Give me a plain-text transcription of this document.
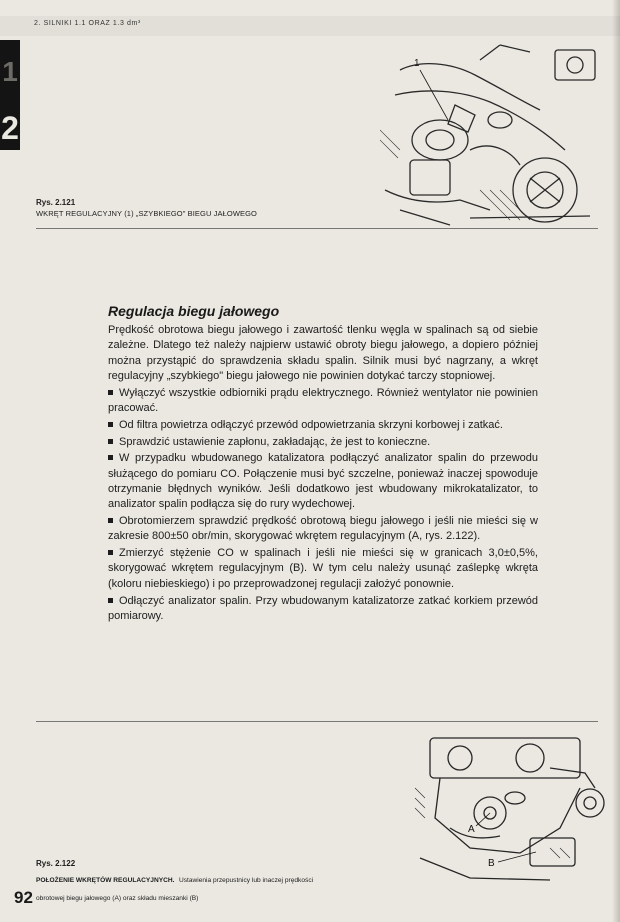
2. SILNIKI 1.1 ORAZ 1.3 dm³
1
2
1
Rys. 2.121
WKRĘT REGULACYJNY (1) „SZYBKIEGO" BIEGU JAŁOWEGO
Regulacja biegu jałowego

Prędkość obrotowa biegu jałowego i zawartość tlenku węgla w spalinach są od siebie zależne. Dlatego też należy najpierw ustawić obroty biegu jałowego, a dopiero później można przystąpić do sprawdzenia składu spalin. Silnik musi być nagrzany, a wkręt regulacyjny „szybkiego" biegu jałowego nie powinien dotykać tarczy stopniowej.

Wyłączyć wszystkie odbiorniki prądu elektrycznego. Również wentylator nie powinien pracować.

Od filtra powietrza odłączyć przewód odpowietrzania skrzyni korbowej i zatkać.

Sprawdzić ustawienie zapłonu, zakładając, że jest to konieczne.

W przypadku wbudowanego katalizatora podłączyć analizator spalin do przewodu służącego do pomiaru CO. Połączenie musi być szczelne, ponieważ inaczej spowoduje otrzymanie błędnych wyników. Jeśli dodatkowo jest wbudowany mikrokatalizator, to analizator spalin podłącza się do rury wydechowej.

Obrotomierzem sprawdzić prędkość obrotową biegu jałowego i jeśli nie mieści się w zakresie 800±50 obr/min, skorygować wkrętem regulacyjnym (A, rys. 2.122).

Zmierzyć stężenie CO w spalinach i jeśli nie mieści się w granicach 3,0±0,5%, skorygować wkrętem regulacyjnym (B). W tym celu należy usunąć zaślepkę wkręta (koloru niebieskiego) i po przeprowadzonej regulacji założyć ponownie.

Odłączyć analizator spalin. Przy wbudowanym katalizatorze zatkać korkiem przewód pomiarowy.

A
B
Rys. 2.122
POŁOŻENIE WKRĘTÓW REGULACYJNYCH. Ustawienia przepustnicy lub inaczej prędkości obrotowej biegu jałowego (A) oraz składu mieszanki (B)
92
